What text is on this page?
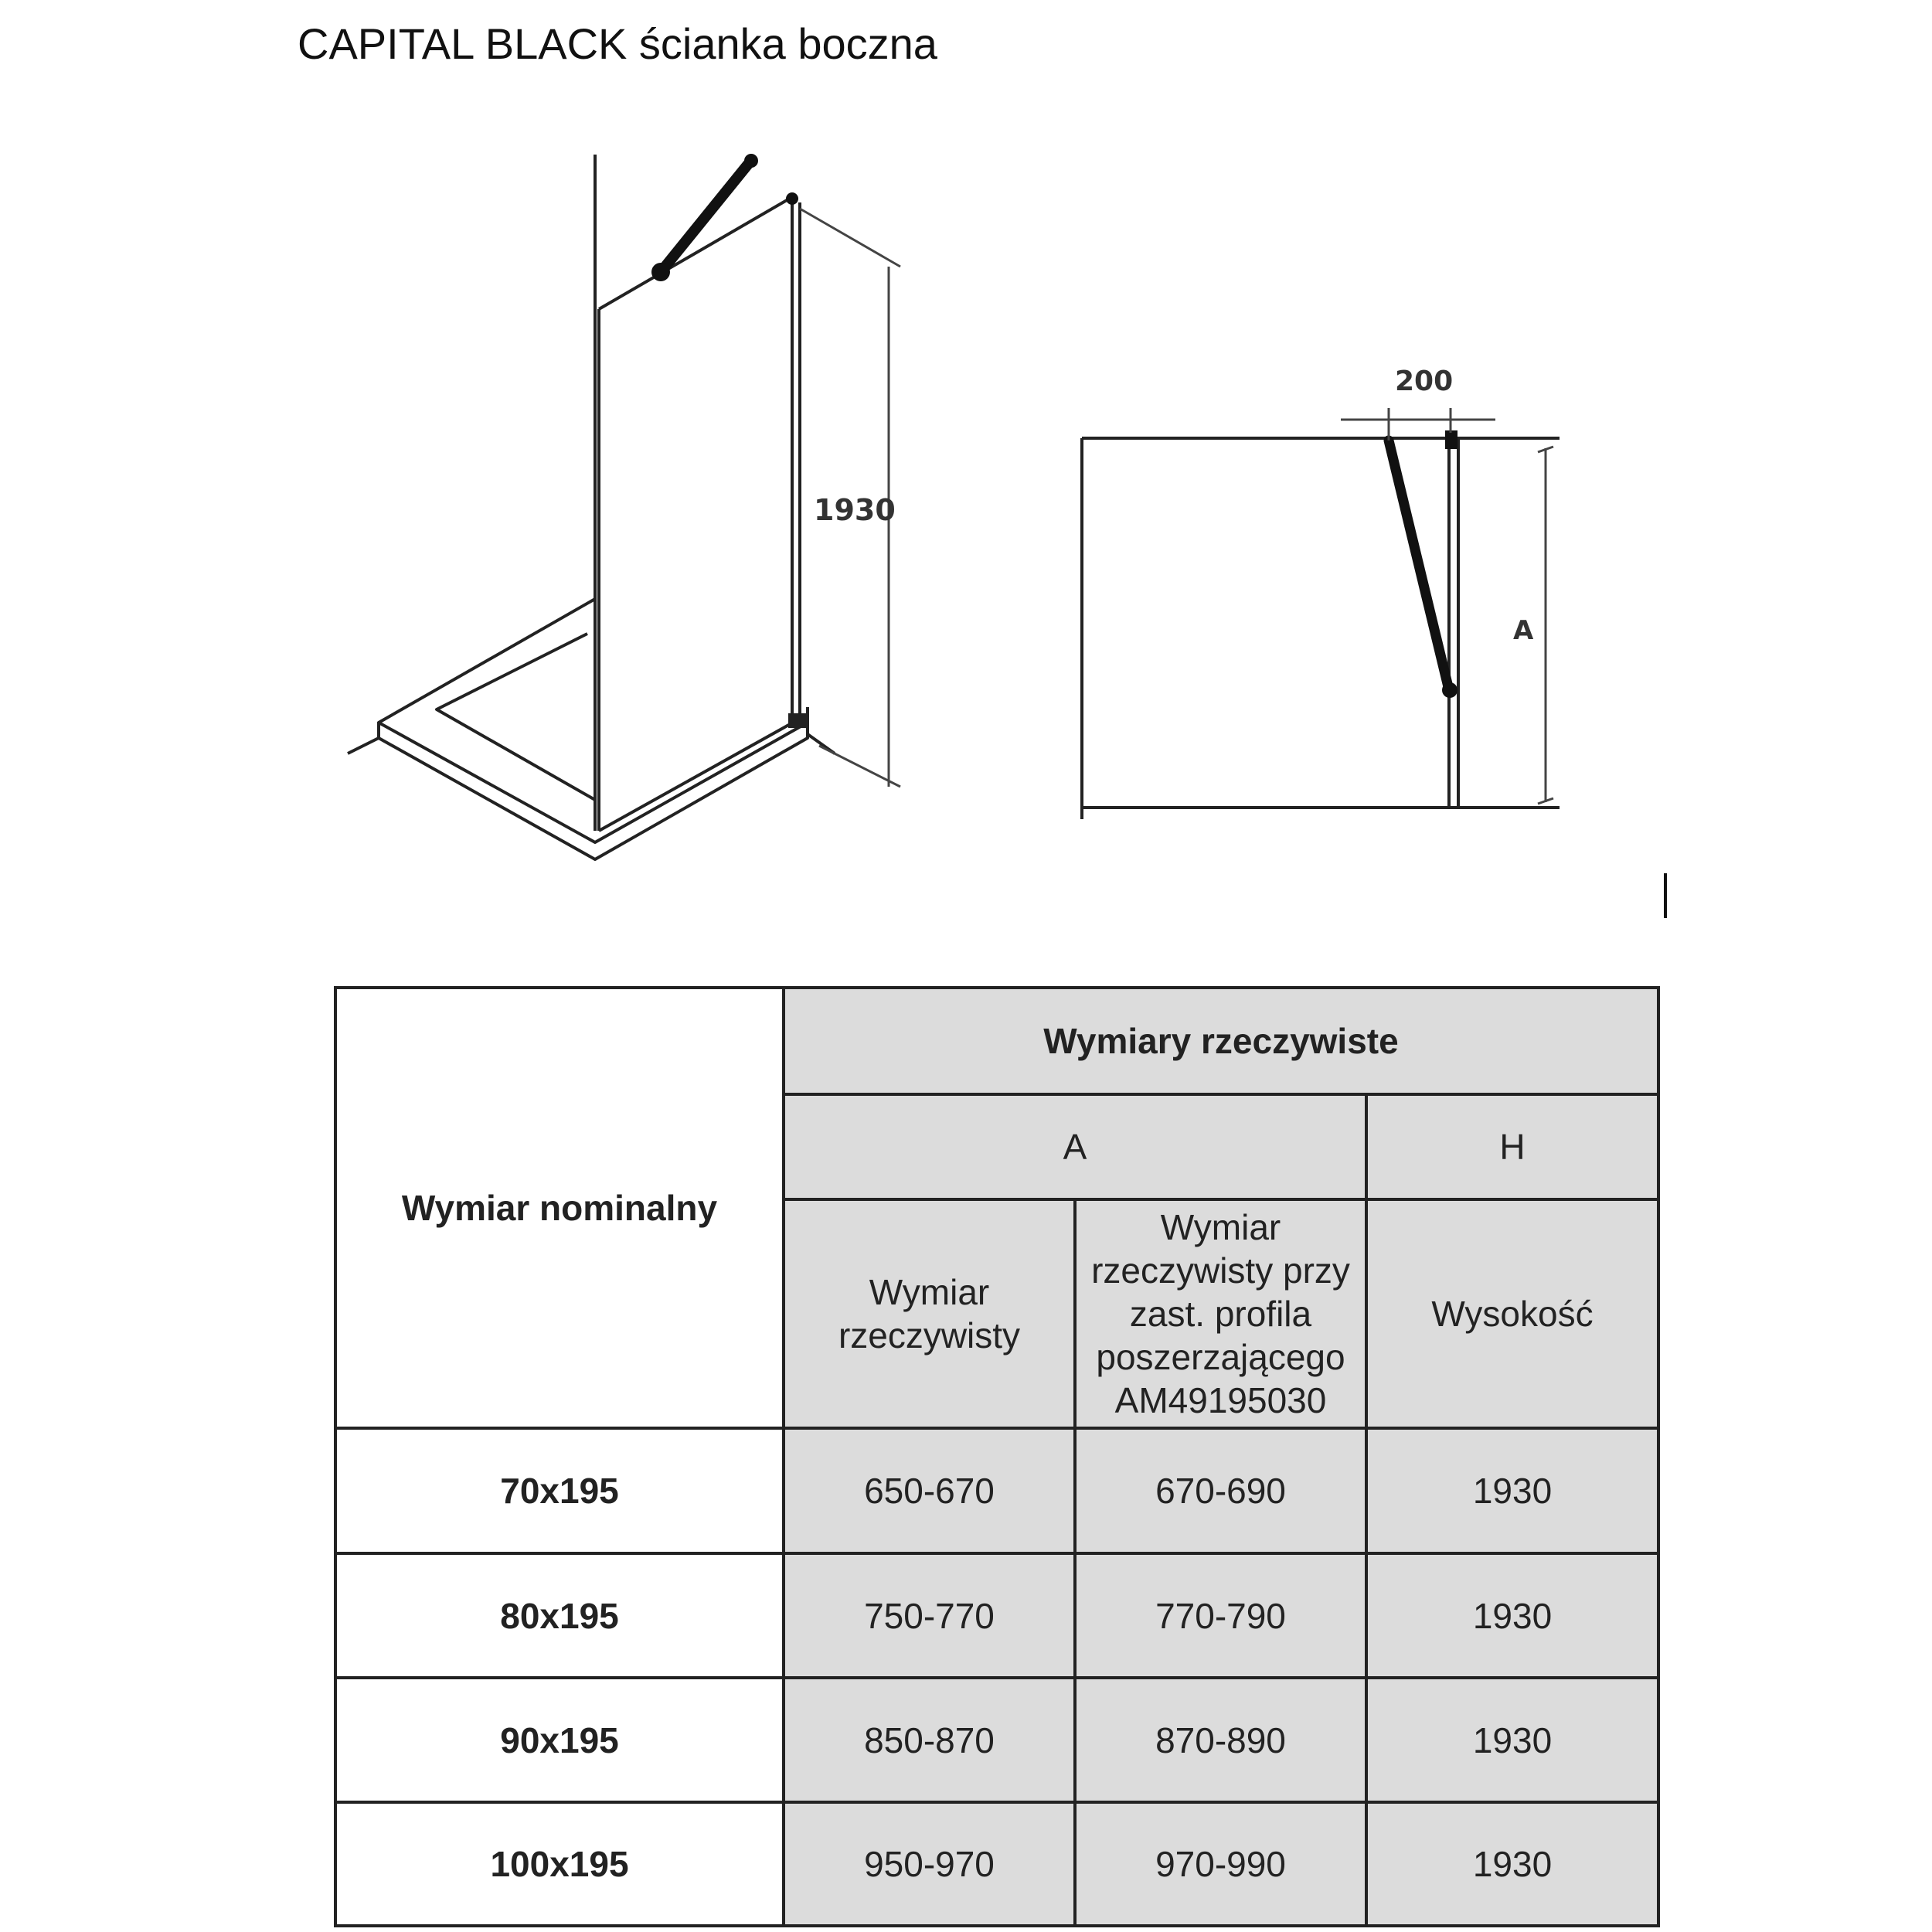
CAPITAL BLACK ścianka boczna
1930
200
A
Wymiar nominalny	Wymiary rzeczywiste		
	A		H
	Wymiar rzeczywisty	Wymiar rzeczywisty przy zast. profila poszerzającego AM49195030	Wysokość
70x195	650-670	670-690	1930
80x195	750-770	770-790	1930
90x195	850-870	870-890	1930
100x195	950-970	970-990	1930
